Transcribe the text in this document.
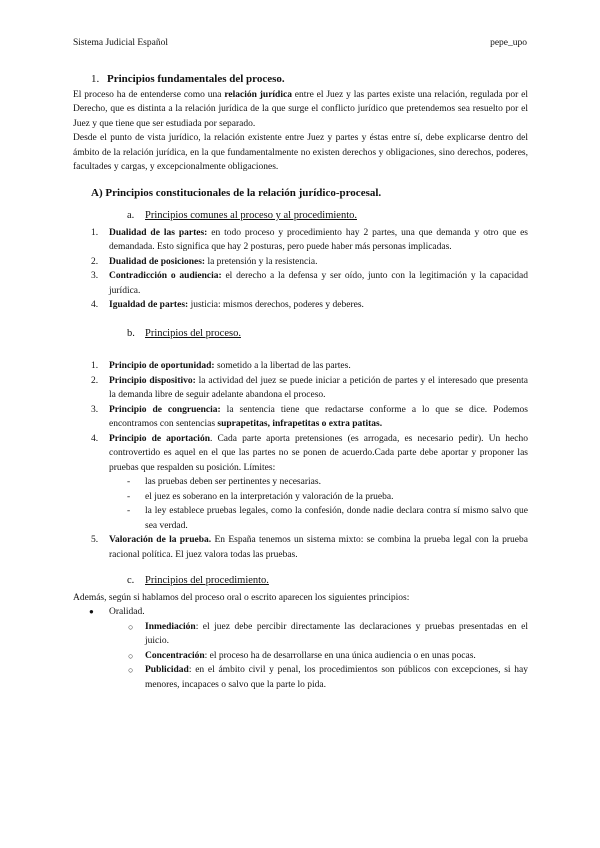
Sistema Judicial Español	pepe_upo
1. Principios fundamentales del proceso.

El proceso ha de entenderse como una relación jurídica entre el Juez y las partes existe una relación, regulada por el Derecho, que es distinta a la relación jurídica de la que surge el conflicto jurídico que pretendemos sea resuelto por el Juez y que tiene que ser estudiada por separado.

Desde el punto de vista jurídico, la relación existente entre Juez y partes y éstas entre sí, debe explicarse dentro del ámbito de la relación jurídica, en la que fundamentalmente no existen derechos y obligaciones, sino derechos, poderes, facultades y cargas, y excepcionalmente obligaciones.

A) Principios constitucionales de la relación jurídico-procesal.
a. Principios comunes al proceso y al procedimiento.
1. Dualidad de las partes: en todo proceso y procedimiento hay 2 partes, una que demanda y otro que es demandada. Esto significa que hay 2 posturas, pero puede haber más personas implicadas.
2. Dualidad de posiciones: la pretensión y la resistencia.
3. Contradicción o audiencia: el derecho a la defensa y ser oído, junto con la legitimación y la capacidad jurídica.
4. Igualdad de partes: justicia: mismos derechos, poderes y deberes.
b. Principios del proceso.
1. Principio de oportunidad: sometido a la libertad de las partes.
2. Principio dispositivo: la actividad del juez se puede iniciar a petición de partes y el interesado que presenta la demanda libre de seguir adelante abandona el proceso.
3. Principio de congruencia: la sentencia tiene que redactarse conforme a lo que se dice. Podemos encontramos con sentencias suprapetitas, infrapetitas o extra patitas.
4. Principio de aportación. Cada parte aporta pretensiones (es arrogada, es necesario pedir). Un hecho controvertido es aquel en el que las partes no se ponen de acuerdo.Cada parte debe aportar y proponer las pruebas que respalden su posición. Límites:
- las pruebas deben ser pertinentes y necesarias.
- el juez es soberano en la interpretación y valoración de la prueba.
- la ley establece pruebas legales, como la confesión, donde nadie declara contra sí mismo salvo que sea verdad.
5. Valoración de la prueba. En España tenemos un sistema mixto: se combina la prueba legal con la prueba racional política. El juez valora todas las pruebas.
c. Principios del procedimiento.

Además, según si hablamos del proceso oral o escrito aparecen los siguientes principios:

● Oralidad.
○ Inmediación: el juez debe percibir directamente las declaraciones y pruebas presentadas en el juicio.
○ Concentración: el proceso ha de desarrollarse en una única audiencia o en unas pocas.
○ Publicidad: en el ámbito civil y penal, los procedimientos son públicos con excepciones, si hay menores, incapaces o salvo que la parte lo pida.
